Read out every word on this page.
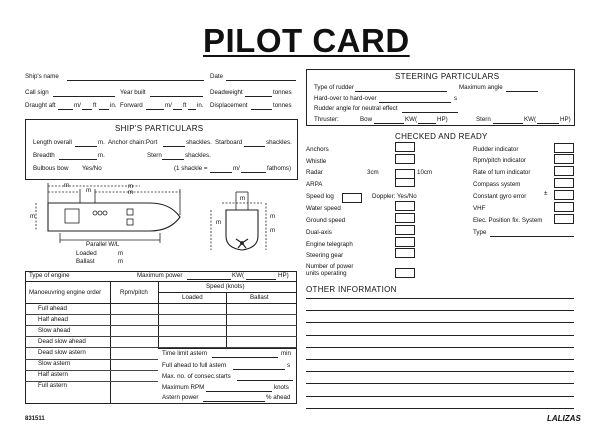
PILOT CARD
Ship's name	Date
Call sign	Year built	Deadweight	tonnes
Draught aft	m/ ft in. Forward	m/ ft in. Displacement	tonnes
SHIP'S PARTICULARS
Length overall	m. Anchor chain:Port	shackles. Starboard	shackles.
Breadth	m.	Stern	shackles.
Bulbous bow Yes/No	(1 shackle =	m/	fathoms)
m
m
m
m
m
m
m
m
m
Parallel W/L
Loaded
Ballast
m
m
Type of engine	Maximum power	KW(	HP)
Manoeuvring engine order	Rpm/pitch
Speed (knots)
Loaded	Ballast
Full ahead
Half ahead
Slow ahead
Dead slow ahead
Dead slow astern
Slow astern
Half astern
Full astern
Time limit astern	min
Full ahead to full astern	s
Max. no. of consec.starts
Maximum RPM	knots
Astern power	% ahead
STEERING PARTICULARS
Type of rudder	Maximum angle
Hard-over to hard-over	s
Rudder angle for neutral effect
Thruster:	Bow	KW(	HP)	Stern	KW(	HP)
CHECKED AND READY
Anchors
Whistle
Radar
ARPA
Speed log
Water speed
Ground speed
Dual-axis
Engine telegraph
Steering gear
Rudder indicator
Rpm/pitch indicator
Rate of turn indicator
Compass system
Constant gyro error
VHF
Elec. Position fix. System
Type
3cm	10cm
Doppler: Yes/No
Number of power
units operating
±
OTHER INFORMATION
831511	LALIZAS
